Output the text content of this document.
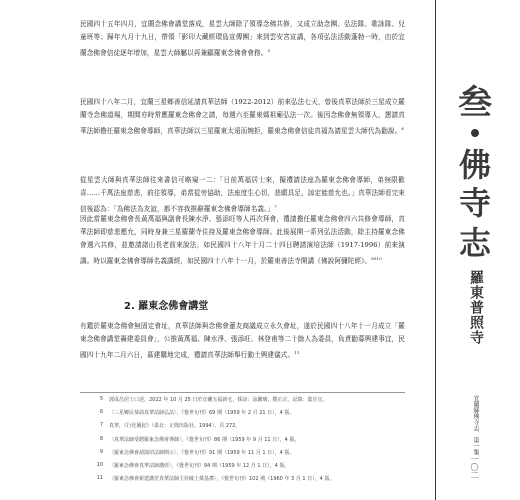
民國四十五年四月，宜蘭念佛會講堂落成，星雲大師除了領導念佛共修，又成立助念團、弘法隊、歌詠隊、兒童班等；歸年九月十九日，帶領「影印大藏經環島宣傳團」來到雲安宮宣講，各項弘法活動蓬勃一時，由於宜蘭念佛會信徒逐年增加，星雲大師屬以再兼顧羅東念佛會會務。$^5$

民國四十八年二月，宜蘭三星鄉善信延請真華法師（1922-2012）前來弘法七天，曾後真華法師於三星成立羅蘭寺念佛道場，期間亦時常應羅東念佛會之請，每週六至羅東媽祖廟弘法一次。後因念佛會無領導人，懇請真華法師擔任羅東念佛會導師，真華法師以三星羅東太遠而婉拒，羅東念佛會信徒真福為請星雲大師代為勸說。$^6$

從星雲大師與真華法師往來書信可略窺一二：「日前萬福居士來，擬禮請法座為羅東念佛會導師，弟無限歡喜……千萬法座慈悲，前往領導，弟當從旁協助，法座度生心切，悲願具足，諒定能慈允也。」真華法師看完來信後認為：「為佛法為友誼，都不容我推辭羅東念佛會導師名義。」$^7$

因此當羅東念佛會長黃萬福與副會長陳水淨、張添旺等人再次拜會，禮請擔任羅東念佛會四六共修會導師，真華法師即慈悲應允，同時身兼三星羅蘭寺住持及羅東念佛會導師。此後展開一系列弘法活動，除主持羅東念佛會週六共修，並邀請諸山長老前來說法，如民國四十八年十月二十四日聘請演培法師（1917-1996）前來演講。時以羅東念佛會導師名義講經，如民國四十八年十一月，於羅東善法寺開講《佛說阿彌陀經》。$^{8910}$

2. 羅東念佛會講堂

有鑑於羅東念佛會無固定會址，真華法師與念佛會蓮友商議成立永久會址，遂於民國四十八年十一月成立「羅東念佛會講堂籌建委員會」，公推黃萬福、陳水淨、張添旺、林登甫等二十餘人為委員，負責勸募興建事宜，民國四十九年二月六日，慕建購地完成，禮請真華法師舉行動土興建儀式。$^{11}$

5	郭成昌居士口述，2022 年 10 月 25 日於宜蘭五福新宅，採訪：涂馨瑀；撰正宗，記錄：葉宣宜。
6	〈三星鄉民恭請真華法師弘法〉，《覺世旬刊》69 期（1959 年 2 月 21 日），4 版。
7	真華，《行化履紀》（臺北：正聞出版社，1994），頁 272。
8	〈真華法師受聘羅東念佛會導師〉，《覺世旬刊》86 期（1959 年 9 月 11 日），4 版。
9	〈羅東念佛會請演培法師開示〉，《覺世旬刊》91 期（1959 年 11 月 1 日），4 版。
10	〈羅東念佛會真華法師講經〉，《覺世旬刊》94 期（1959 年 12 月 1 日），4 版。
11	〈羅東念佛會新建講堂真華法師主持破土奠基禮〉，《覺世旬刊》102 期（1960 年 3 月 1 日），4 版。
叁
佛
寺
志
羅東普照寺
宜蘭縣佛寺志．第一集
一〇二
